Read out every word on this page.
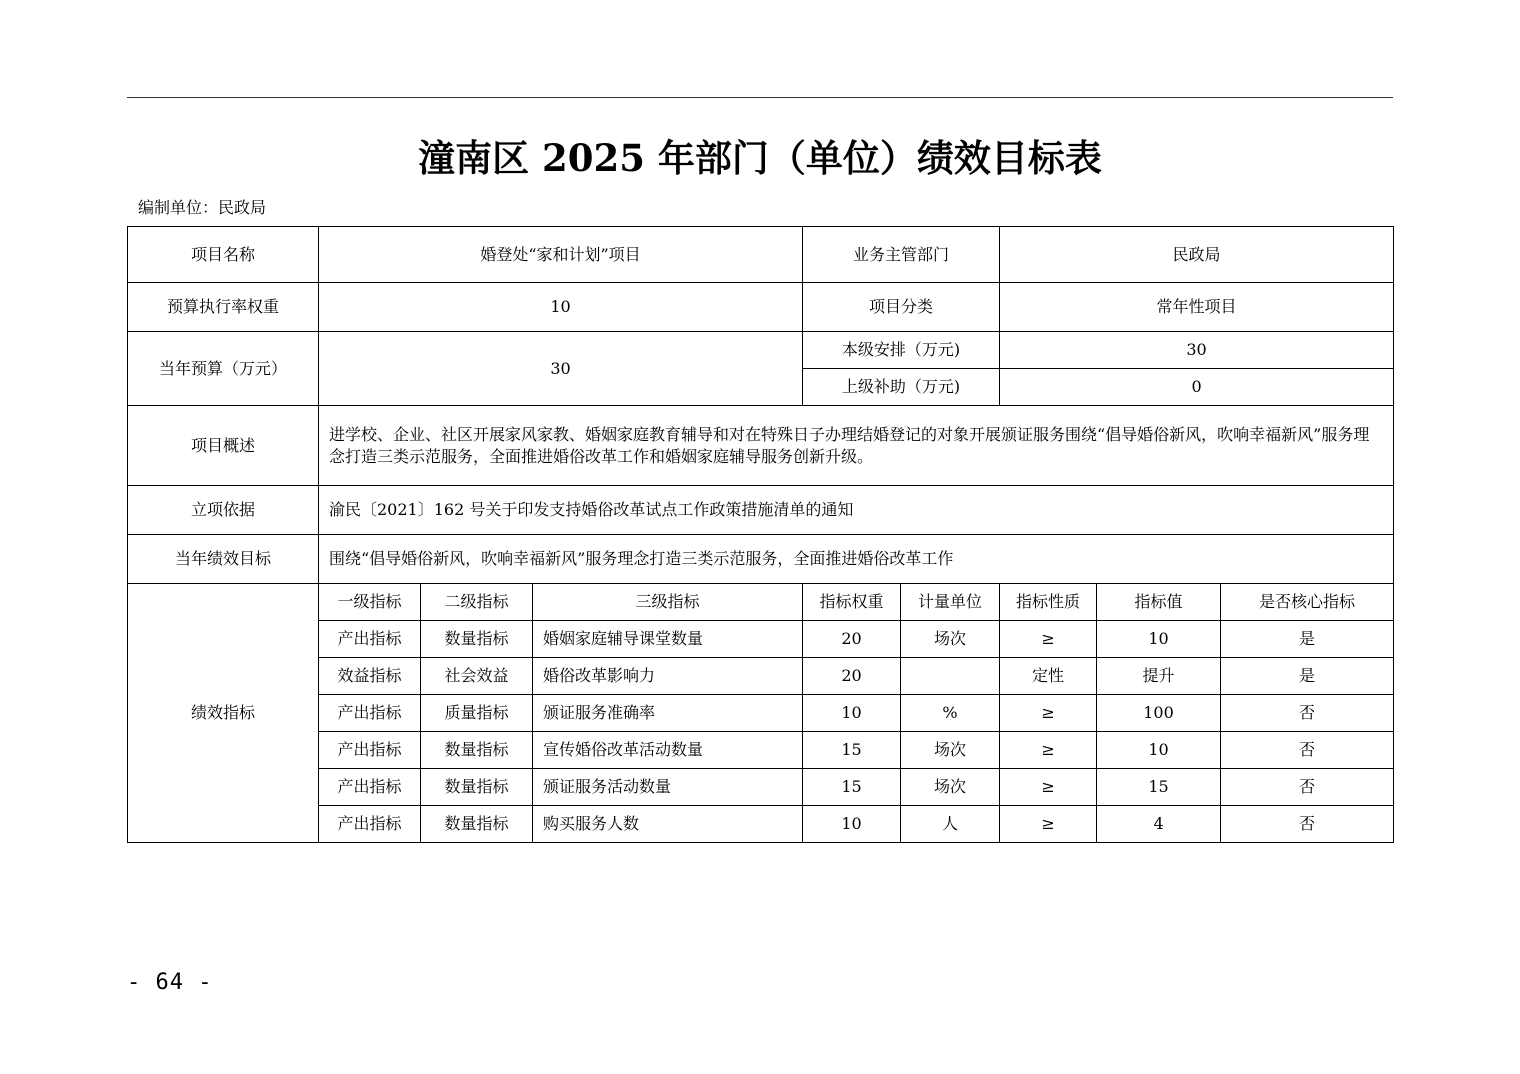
潼南区 2025 年部门（单位）绩效目标表
编制单位：民政局
项目名称	婚登处“家和计划”项目			业务主管部门		民政局		
预算执行率权重	10			项目分类		常年性项目		
当年预算（万元）	30			本级安排（万元)		30		
				上级补助（万元)		0		
项目概述	进学校、企业、社区开展家风家教、婚姻家庭教育辅导和对在特殊日子办理结婚登记的对象开展颁证服务围绕“倡导婚俗新风，吹响幸福新风”服务理念打造三类示范服务，全面推进婚俗改革工作和婚姻家庭辅导服务创新升级。							
立项依据	渝民〔2021〕162 号关于印发支持婚俗改革试点工作政策措施清单的通知							
当年绩效目标	围绕“倡导婚俗新风，吹响幸福新风”服务理念打造三类示范服务，全面推进婚俗改革工作							
绩效指标	一级指标	二级指标	三级指标	指标权重	计量单位	指标性质	指标值	是否核心指标
	产出指标	数量指标	婚姻家庭辅导课堂数量	20	场次	≥	10	是
	效益指标	社会效益	婚俗改革影响力	20		定性	提升	是
	产出指标	质量指标	颁证服务准确率	10	%	≥	100	否
	产出指标	数量指标	宣传婚俗改革活动数量	15	场次	≥	10	否
	产出指标	数量指标	颁证服务活动数量	15	场次	≥	15	否
	产出指标	数量指标	购买服务人数	10	人	≥	4	否
- 64 -
